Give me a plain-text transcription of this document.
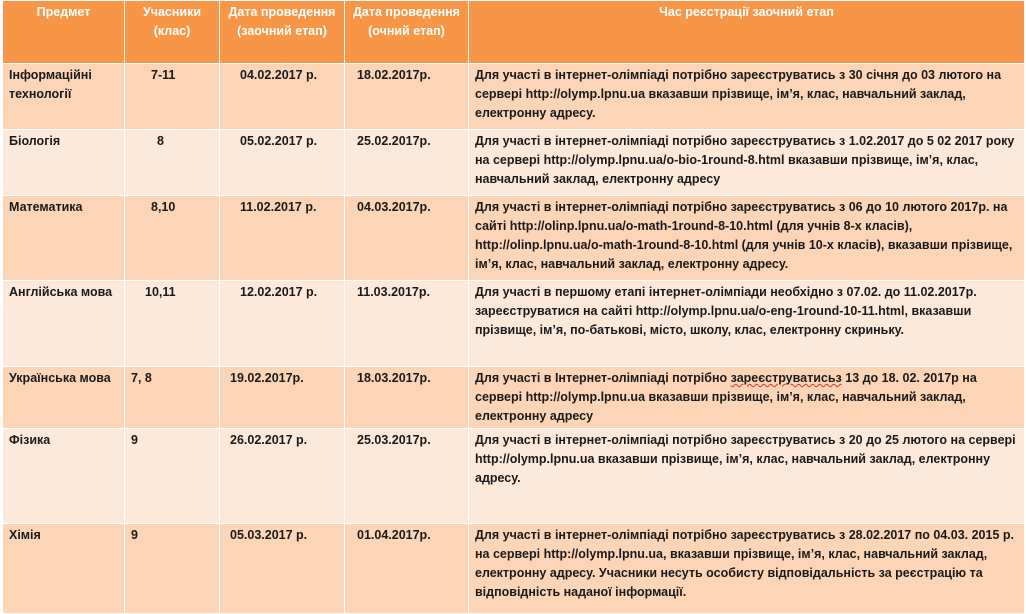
Предмет	Учасники (клас)	Дата проведення (заочний етап)	Дата проведення (очний етап)	Час реєстрації заочний етап
Інформаційні технології	7-11	04.02.2017 р.	18.02.2017р.	Для участі в інтернет-олімпіаді потрібно зареєструватись з 30 січня до 03 лютого на сервері http://olymp.lpnu.ua вказавши прізвище, ім’я, клас, навчальний заклад, електронну адресу.
Біологія	8	05.02.2017 р.	25.02.2017р.	Для участі в інтернет-олімпіаді потрібно зареєструватись з 1.02.2017 до 5 02 2017 року на сервері http://olymp.lpnu.ua/o-bio-1round-8.html вказавши прізвище, ім’я, клас, навчальний заклад, електронну адресу
Математика	8,10	11.02.2017 р.	04.03.2017р.	Для участі в інтернет-олімпіаді потрібно зареєструватись з 06 до 10 лютого 2017р. на сайті http://olinp.lpnu.ua/o-math-1round-8-10.html (для учнів 8-х класів), http://olinp.lpnu.ua/o-math-1round-8-10.html (для учнів 10-х класів), вказавши прізвище, ім’я, клас, навчальний заклад, електронну адресу.
Англійська мова	10,11	12.02.2017 р.	11.03.2017р.	Для участі в першому етапі інтернет-олімпіади необхідно з 07.02. до 11.02.2017р. зареєструватися на сайті http://olymp.lpnu.ua/o-eng-1round-10-11.html, вказавши прізвище, ім’я, по-батькові, місто, школу, клас, електронну скриньку.
Українська мова	7, 8	19.02.2017р.	18.03.2017р.	Для участі в Інтернет-олімпіаді потрібно зареєструватисьз 13 до 18. 02. 2017р на сервері http://olymp.lpnu.ua вказавши прізвище, ім’я, клас, навчальний заклад, електронну адресу
Фізика	9	26.02.2017 р.	25.03.2017р.	Для участі в інтернет-олімпіаді потрібно зареєструватись з 20 до 25 лютого на сервері http://olymp.lpnu.ua вказавши прізвище, ім’я, клас, навчальний заклад, електронну адресу.
Хімія	9	05.03.2017 р.	01.04.2017р.	Для участі в інтернет-олімпіаді потрібно зареєструватись з 28.02.2017 по 04.03. 2015 р. на сервері http://olymp.lpnu.ua, вказавши прізвище, ім’я, клас, навчальний заклад, електронну адресу. Учасники несуть особисту відповідальність за реєстрацію та відповідність наданої інформації.
